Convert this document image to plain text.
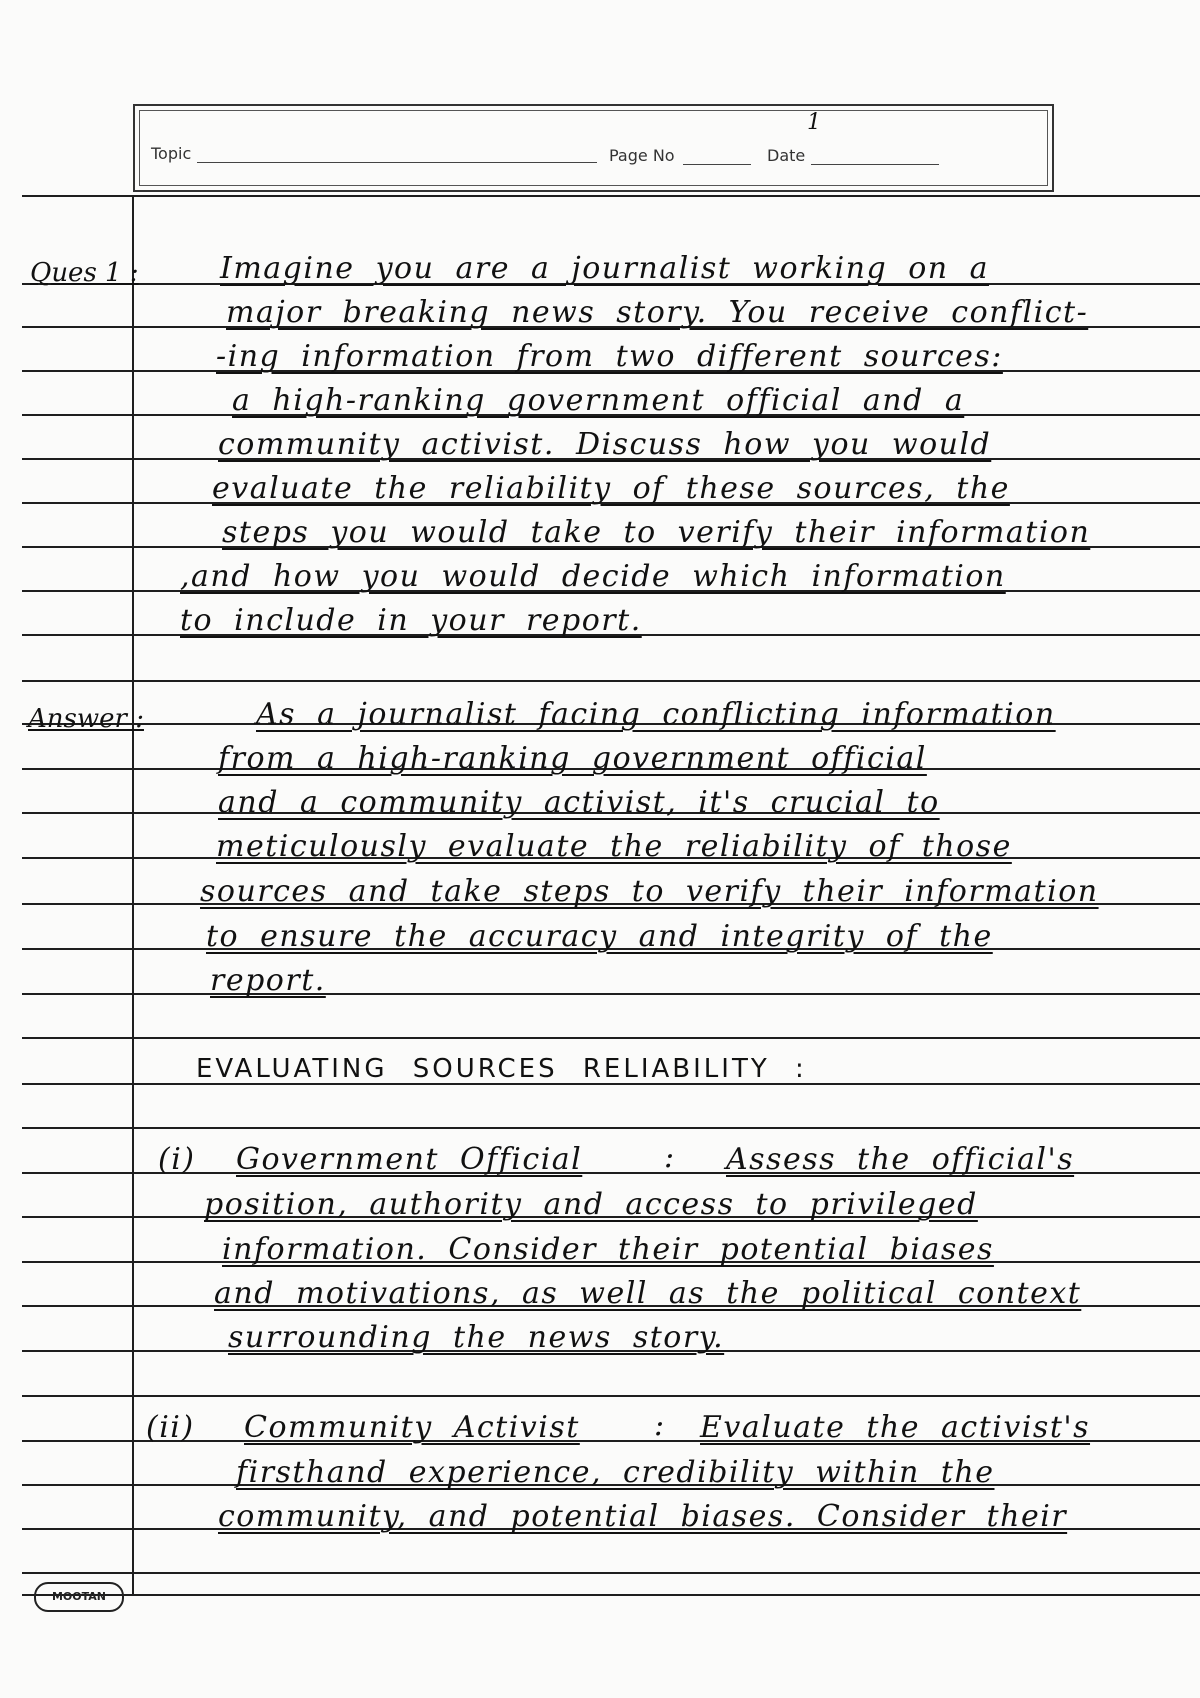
Topic	Page No
1
Date
Ques 1 :	Imagine you are a journalist working on a
major breaking news story. You receive conflict-
-ing information from two different sources:
a high-ranking government official and a
community activist. Discuss how you would
evaluate the reliability of these sources, the
steps you would take to verify their information
,and how you would decide which information
to include in your report.
Answer :	As a journalist facing conflicting information
from a high-ranking government official
and a community activist, it's crucial to
meticulously evaluate the reliability of those
sources and take steps to verify their information
to ensure the accuracy and integrity of the
report.
EVALUATING SOURCES RELIABILITY :
(i) Government Official	: Assess the official's
position, authority and access to privileged
information. Consider their potential biases
and motivations, as well as the political context
surrounding the news story.
(ii) Community Activist : Evaluate the activist's
firsthand experience, credibility within the
community, and potential biases. Consider their
MOOTAN
